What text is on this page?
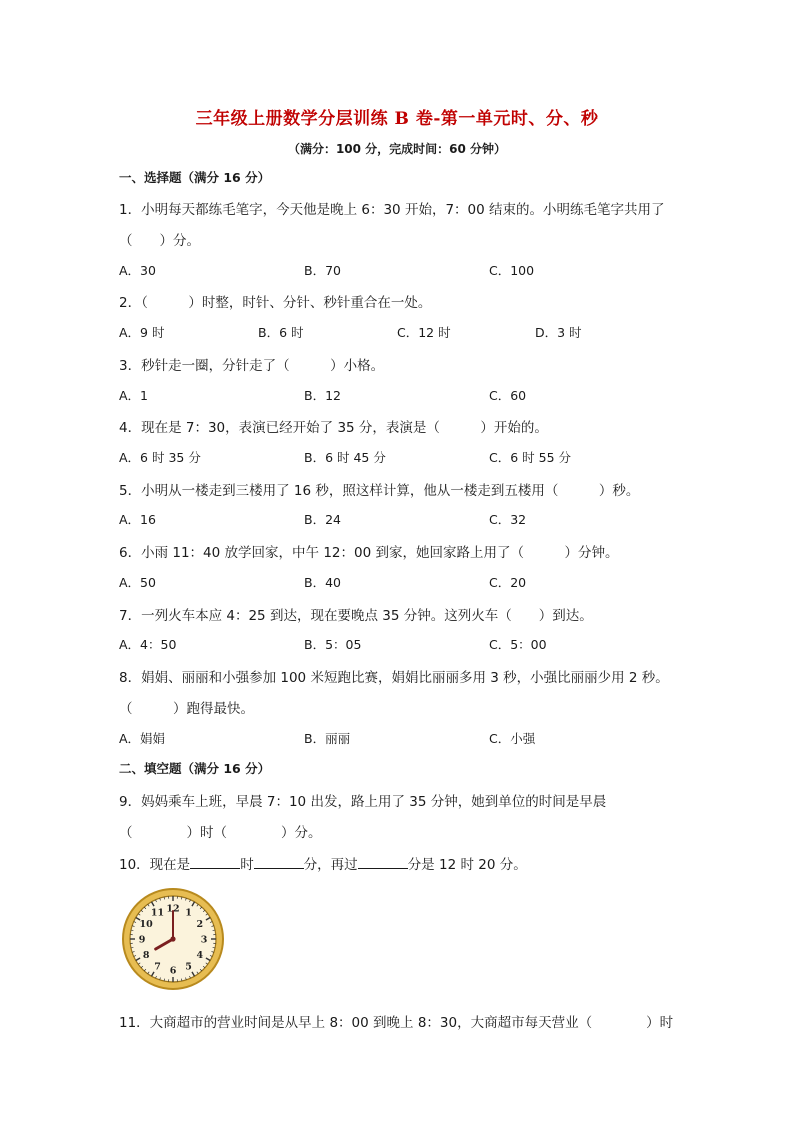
三年级上册数学分层训练 B 卷-第一单元时、分、秒
（满分：100 分，完成时间：60 分钟）
一、选择题（满分 16 分）
1．小明每天都练毛笔字，今天他是晚上 6：30 开始，7：00 结束的。小明练毛笔字共用了
（　　）分。
A．30	B．70	C．100
2．（　　　）时整，时针、分针、秒针重合在一处。
A．9 时	B．6 时	C．12 时	D．3 时
3．秒针走一圈，分针走了（　　　）小格。
A．1	B．12	C．60
4．现在是 7：30，表演已经开始了 35 分，表演是（　　　）开始的。
A．6 时 35 分	B．6 时 45 分	C．6 时 55 分
5．小明从一楼走到三楼用了 16 秒，照这样计算，他从一楼走到五楼用（　　　）秒。
A．16	B．24	C．32
6．小雨 11：40 放学回家，中午 12：00 到家，她回家路上用了（　　　）分钟。
A．50	B．40	C．20
7．一列火车本应 4：25 到达，现在要晚点 35 分钟。这列火车（　　）到达。
A．4：50	B．5：05	C．5：00
8．娟娟、丽丽和小强参加 100 米短跑比赛，娟娟比丽丽多用 3 秒，小强比丽丽少用 2 秒。
（　　　）跑得最快。
A．娟娟	B．丽丽	C．小强
二、填空题（满分 16 分）
9．妈妈乘车上班，早晨 7：10 出发，路上用了 35 分钟，她到单位的时间是早晨
（　　　　）时（　　　　）分。
10．现在是	时	分，再过	分是 12 时 20 分。
12 1
2
3
4
5
6
7
8
9
10
11
11．大商超市的营业时间是从早上 8：00 到晚上 8：30，大商超市每天营业（　　　　）时
